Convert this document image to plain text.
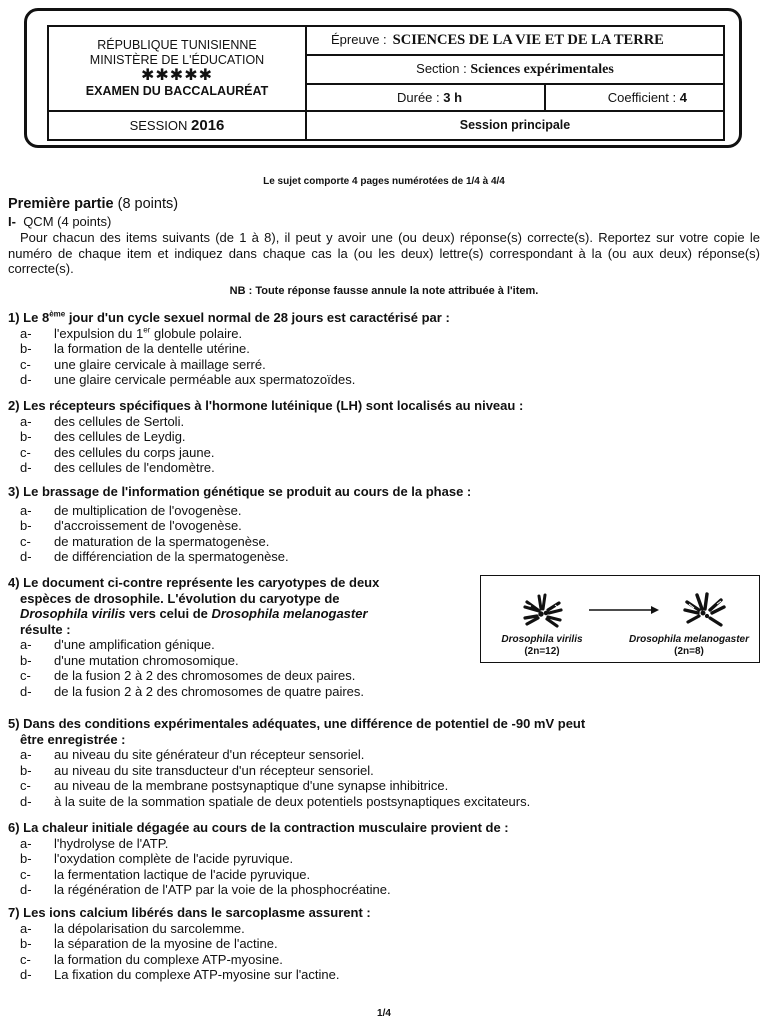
RÉPUBLIQUE TUNISIENNE
MINISTÈRE DE L'ÉDUCATION
✱✱✱✱✱
EXAMEN DU BACCALAURÉAT	Épreuve : SCIENCES DE LA VIE ET DE LA TERRE	
	Section : Sciences expérimentales	

	Durée : 3 h	Coefficient : 4
SESSION 2016	Session principale	
Le sujet comporte 4 pages numérotées de 1/4 à 4/4
Première partie (8 points)
I- QCM (4 points)
Pour chacun des items suivants (de 1 à 8), il peut y avoir une (ou deux) réponse(s) correcte(s). Reportez sur votre copie le numéro de chaque item et indiquez dans chaque cas la (ou les deux) lettre(s) correspondant à la (ou aux deux) réponse(s) correcte(s).
NB : Toute réponse fausse annule la note attribuée à l'item.
1) Le 8ème jour d'un cycle sexuel normal de 28 jours est caractérisé par :
a- l'expulsion du 1er globule polaire.
b- la formation de la dentelle utérine.
c- une glaire cervicale à maillage serré.
d- une glaire cervicale perméable aux spermatozoïdes.
2) Les récepteurs spécifiques à l'hormone lutéinique (LH) sont localisés au niveau :
a- des cellules de Sertoli.
b- des cellules de Leydig.
c- des cellules du corps jaune.
d- des cellules de l'endomètre.
3) Le brassage de l'information génétique se produit au cours de la phase :
a- de multiplication de l'ovogenèse.
b- d'accroissement de l'ovogenèse.
c- de maturation de la spermatogenèse.
d- de différenciation de la spermatogenèse.
4) Le document ci-contre représente les caryotypes de deux
espèces de drosophile. L'évolution du caryotype de
Drosophila virilis vers celui de Drosophila melanogaster
résulte :
a- d'une amplification génique.
b- d'une mutation chromosomique.
c- de la fusion 2 à 2 des chromosomes de deux paires.
d- de la fusion 2 à 2 des chromosomes de quatre paires.
Drosophila virilis
(2n=12)
Drosophila melanogaster
(2n=8)
5) Dans des conditions expérimentales adéquates, une différence de potentiel de -90 mV peut
être enregistrée :
a- au niveau du site générateur d'un récepteur sensoriel.
b- au niveau du site transducteur d'un récepteur sensoriel.
c- au niveau de la membrane postsynaptique d'une synapse inhibitrice.
d- à la suite de la sommation spatiale de deux potentiels postsynaptiques excitateurs.
6) La chaleur initiale dégagée au cours de la contraction musculaire provient de :
a- l'hydrolyse de l'ATP.
b- l'oxydation complète de l'acide pyruvique.
c- la fermentation lactique de l'acide pyruvique.
d- la régénération de l'ATP par la voie de la phosphocréatine.
7) Les ions calcium libérés dans le sarcoplasme assurent :
a- la dépolarisation du sarcolemme.
b- la séparation de la myosine de l'actine.
c- la formation du complexe ATP-myosine.
d- La fixation du complexe ATP-myosine sur l'actine.
1/4
